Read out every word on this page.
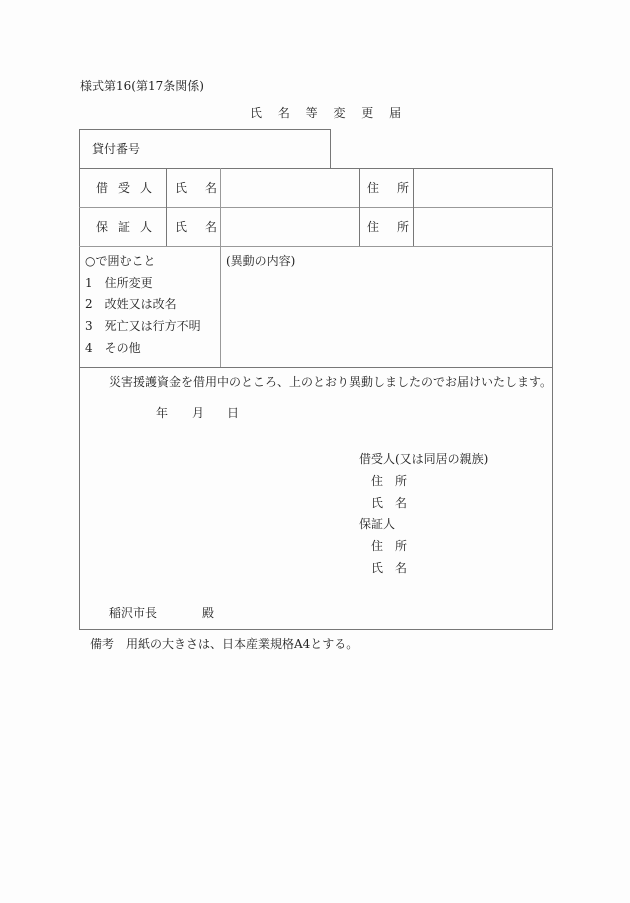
様式第16(第17条関係)
氏 名 等 変 更 届
貸付番号
借受人 氏名	住所
保証人 氏名	住所
○で囲むこと
1　住所変更
2　改姓又は改名
3　死亡又は行方不明
4　その他
(異動の内容)
災害援護資金を借用中のところ、上のとおり異動しましたのでお届けいたします。
年 月 日
借受人(又は同居の親族)
住　所
氏　名
保証人
住　所
氏　名
稲沢市長	殿
備考　用紙の大きさは、日本産業規格A4とする。
